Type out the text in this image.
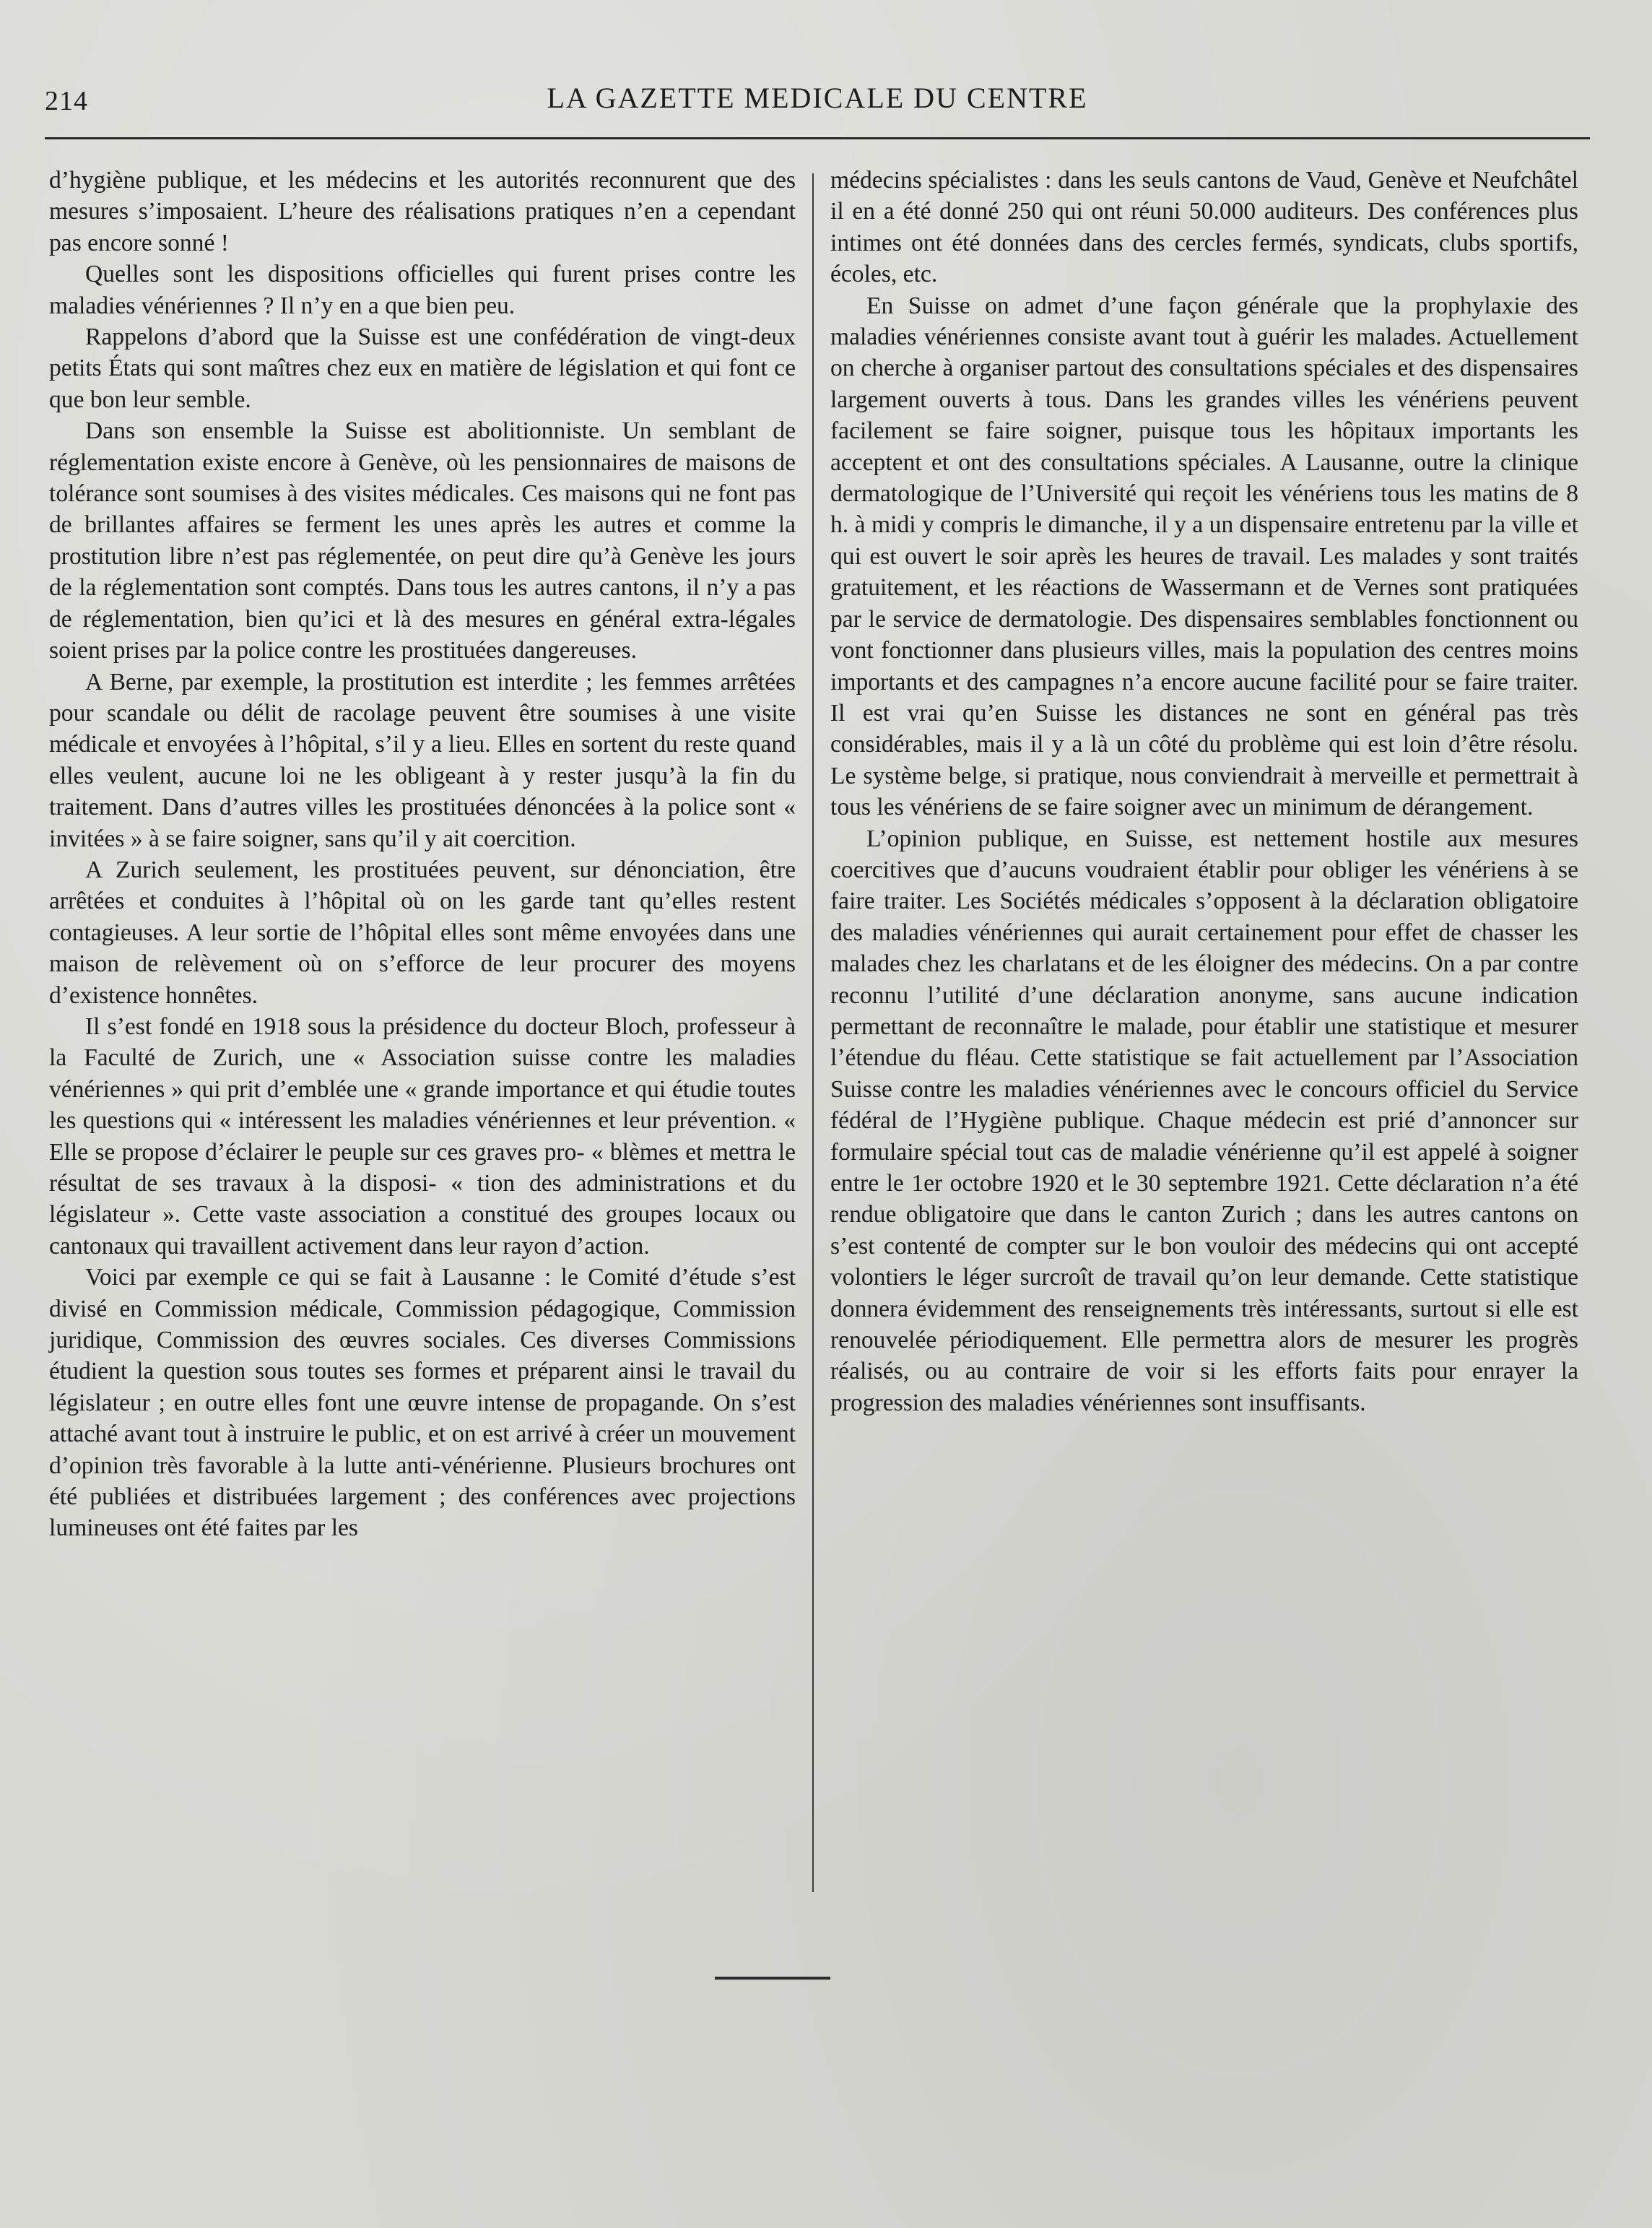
214	LA GAZETTE MEDICALE DU CENTRE

d’hygiène publique, et les médecins et les autorités reconnurent que des mesures s’imposaient. L’heure des réalisations pratiques n’en a cependant pas encore sonné !

Quelles sont les dispositions officielles qui furent prises contre les maladies vénériennes ? Il n’y en a que bien peu.

Rappelons d’abord que la Suisse est une confédération de vingt-deux petits États qui sont maîtres chez eux en matière de législation et qui font ce que bon leur semble.

Dans son ensemble la Suisse est abolitionniste. Un semblant de réglementation existe encore à Genève, où les pensionnaires de maisons de tolérance sont soumises à des visites médicales. Ces maisons qui ne font pas de brillantes affaires se ferment les unes après les autres et comme la prostitution libre n’est pas réglementée, on peut dire qu’à Genève les jours de la réglementation sont comptés. Dans tous les autres cantons, il n’y a pas de réglementation, bien qu’ici et là des mesures en général extra-légales soient prises par la police contre les prostituées dangereuses.

A Berne, par exemple, la prostitution est interdite ; les femmes arrêtées pour scandale ou délit de racolage peuvent être soumises à une visite médicale et envoyées à l’hôpital, s’il y a lieu. Elles en sortent du reste quand elles veulent, aucune loi ne les obligeant à y rester jusqu’à la fin du traitement. Dans d’autres villes les prostituées dénoncées à la police sont « invitées » à se faire soigner, sans qu’il y ait coercition.

A Zurich seulement, les prostituées peuvent, sur dénonciation, être arrêtées et conduites à l’hôpital où on les garde tant qu’elles restent contagieuses. A leur sortie de l’hôpital elles sont même envoyées dans une maison de relèvement où on s’efforce de leur procurer des moyens d’existence honnêtes.

Il s’est fondé en 1918 sous la présidence du docteur Bloch, professeur à la Faculté de Zurich, une « Association suisse contre les maladies vénériennes » qui prit d’emblée une « grande importance et qui étudie toutes les questions qui « intéressent les maladies vénériennes et leur prévention. « Elle se propose d’éclairer le peuple sur ces graves pro- « blèmes et mettra le résultat de ses travaux à la disposi- « tion des administrations et du législateur ». Cette vaste association a constitué des groupes locaux ou cantonaux qui travaillent activement dans leur rayon d’action.

Voici par exemple ce qui se fait à Lausanne : le Comité d’étude s’est divisé en Commission médicale, Commission pédagogique, Commission juridique, Commission des œuvres sociales. Ces diverses Commissions étudient la question sous toutes ses formes et préparent ainsi le travail du législateur ; en outre elles font une œuvre intense de propagande. On s’est attaché avant tout à instruire le public, et on est arrivé à créer un mouvement d’opinion très favorable à la lutte anti-vénérienne. Plusieurs brochures ont été publiées et distribuées largement ; des conférences avec projections lumineuses ont été faites par les

médecins spécialistes : dans les seuls cantons de Vaud, Genève et Neufchâtel il en a été donné 250 qui ont réuni 50.000 auditeurs. Des conférences plus intimes ont été données dans des cercles fermés, syndicats, clubs sportifs, écoles, etc.

En Suisse on admet d’une façon générale que la prophylaxie des maladies vénériennes consiste avant tout à guérir les malades. Actuellement on cherche à organiser partout des consultations spéciales et des dispensaires largement ouverts à tous. Dans les grandes villes les vénériens peuvent facilement se faire soigner, puisque tous les hôpitaux importants les acceptent et ont des consultations spéciales. A Lausanne, outre la clinique dermatologique de l’Université qui reçoit les vénériens tous les matins de 8 h. à midi y compris le dimanche, il y a un dispensaire entretenu par la ville et qui est ouvert le soir après les heures de travail. Les malades y sont traités gratuitement, et les réactions de Wassermann et de Vernes sont pratiquées par le service de dermatologie. Des dispensaires semblables fonctionnent ou vont fonctionner dans plusieurs villes, mais la population des centres moins importants et des campagnes n’a encore aucune facilité pour se faire traiter. Il est vrai qu’en Suisse les distances ne sont en général pas très considérables, mais il y a là un côté du problème qui est loin d’être résolu. Le système belge, si pratique, nous conviendrait à merveille et permettrait à tous les vénériens de se faire soigner avec un minimum de dérangement.

L’opinion publique, en Suisse, est nettement hostile aux mesures coercitives que d’aucuns voudraient établir pour obliger les vénériens à se faire traiter. Les Sociétés médicales s’opposent à la déclaration obligatoire des maladies vénériennes qui aurait certainement pour effet de chasser les malades chez les charlatans et de les éloigner des médecins. On a par contre reconnu l’utilité d’une déclaration anonyme, sans aucune indication permettant de reconnaître le malade, pour établir une statistique et mesurer l’étendue du fléau. Cette statistique se fait actuellement par l’Association Suisse contre les maladies vénériennes avec le concours officiel du Service fédéral de l’Hygiène publique. Chaque médecin est prié d’annoncer sur formulaire spécial tout cas de maladie vénérienne qu’il est appelé à soigner entre le 1er octobre 1920 et le 30 septembre 1921. Cette déclaration n’a été rendue obligatoire que dans le canton Zurich ; dans les autres cantons on s’est contenté de compter sur le bon vouloir des médecins qui ont accepté volontiers le léger surcroît de travail qu’on leur demande. Cette statistique donnera évidemment des renseignements très intéressants, surtout si elle est renouvelée périodiquement. Elle permettra alors de mesurer les progrès réalisés, ou au contraire de voir si les efforts faits pour enrayer la progression des maladies vénériennes sont insuffisants.
